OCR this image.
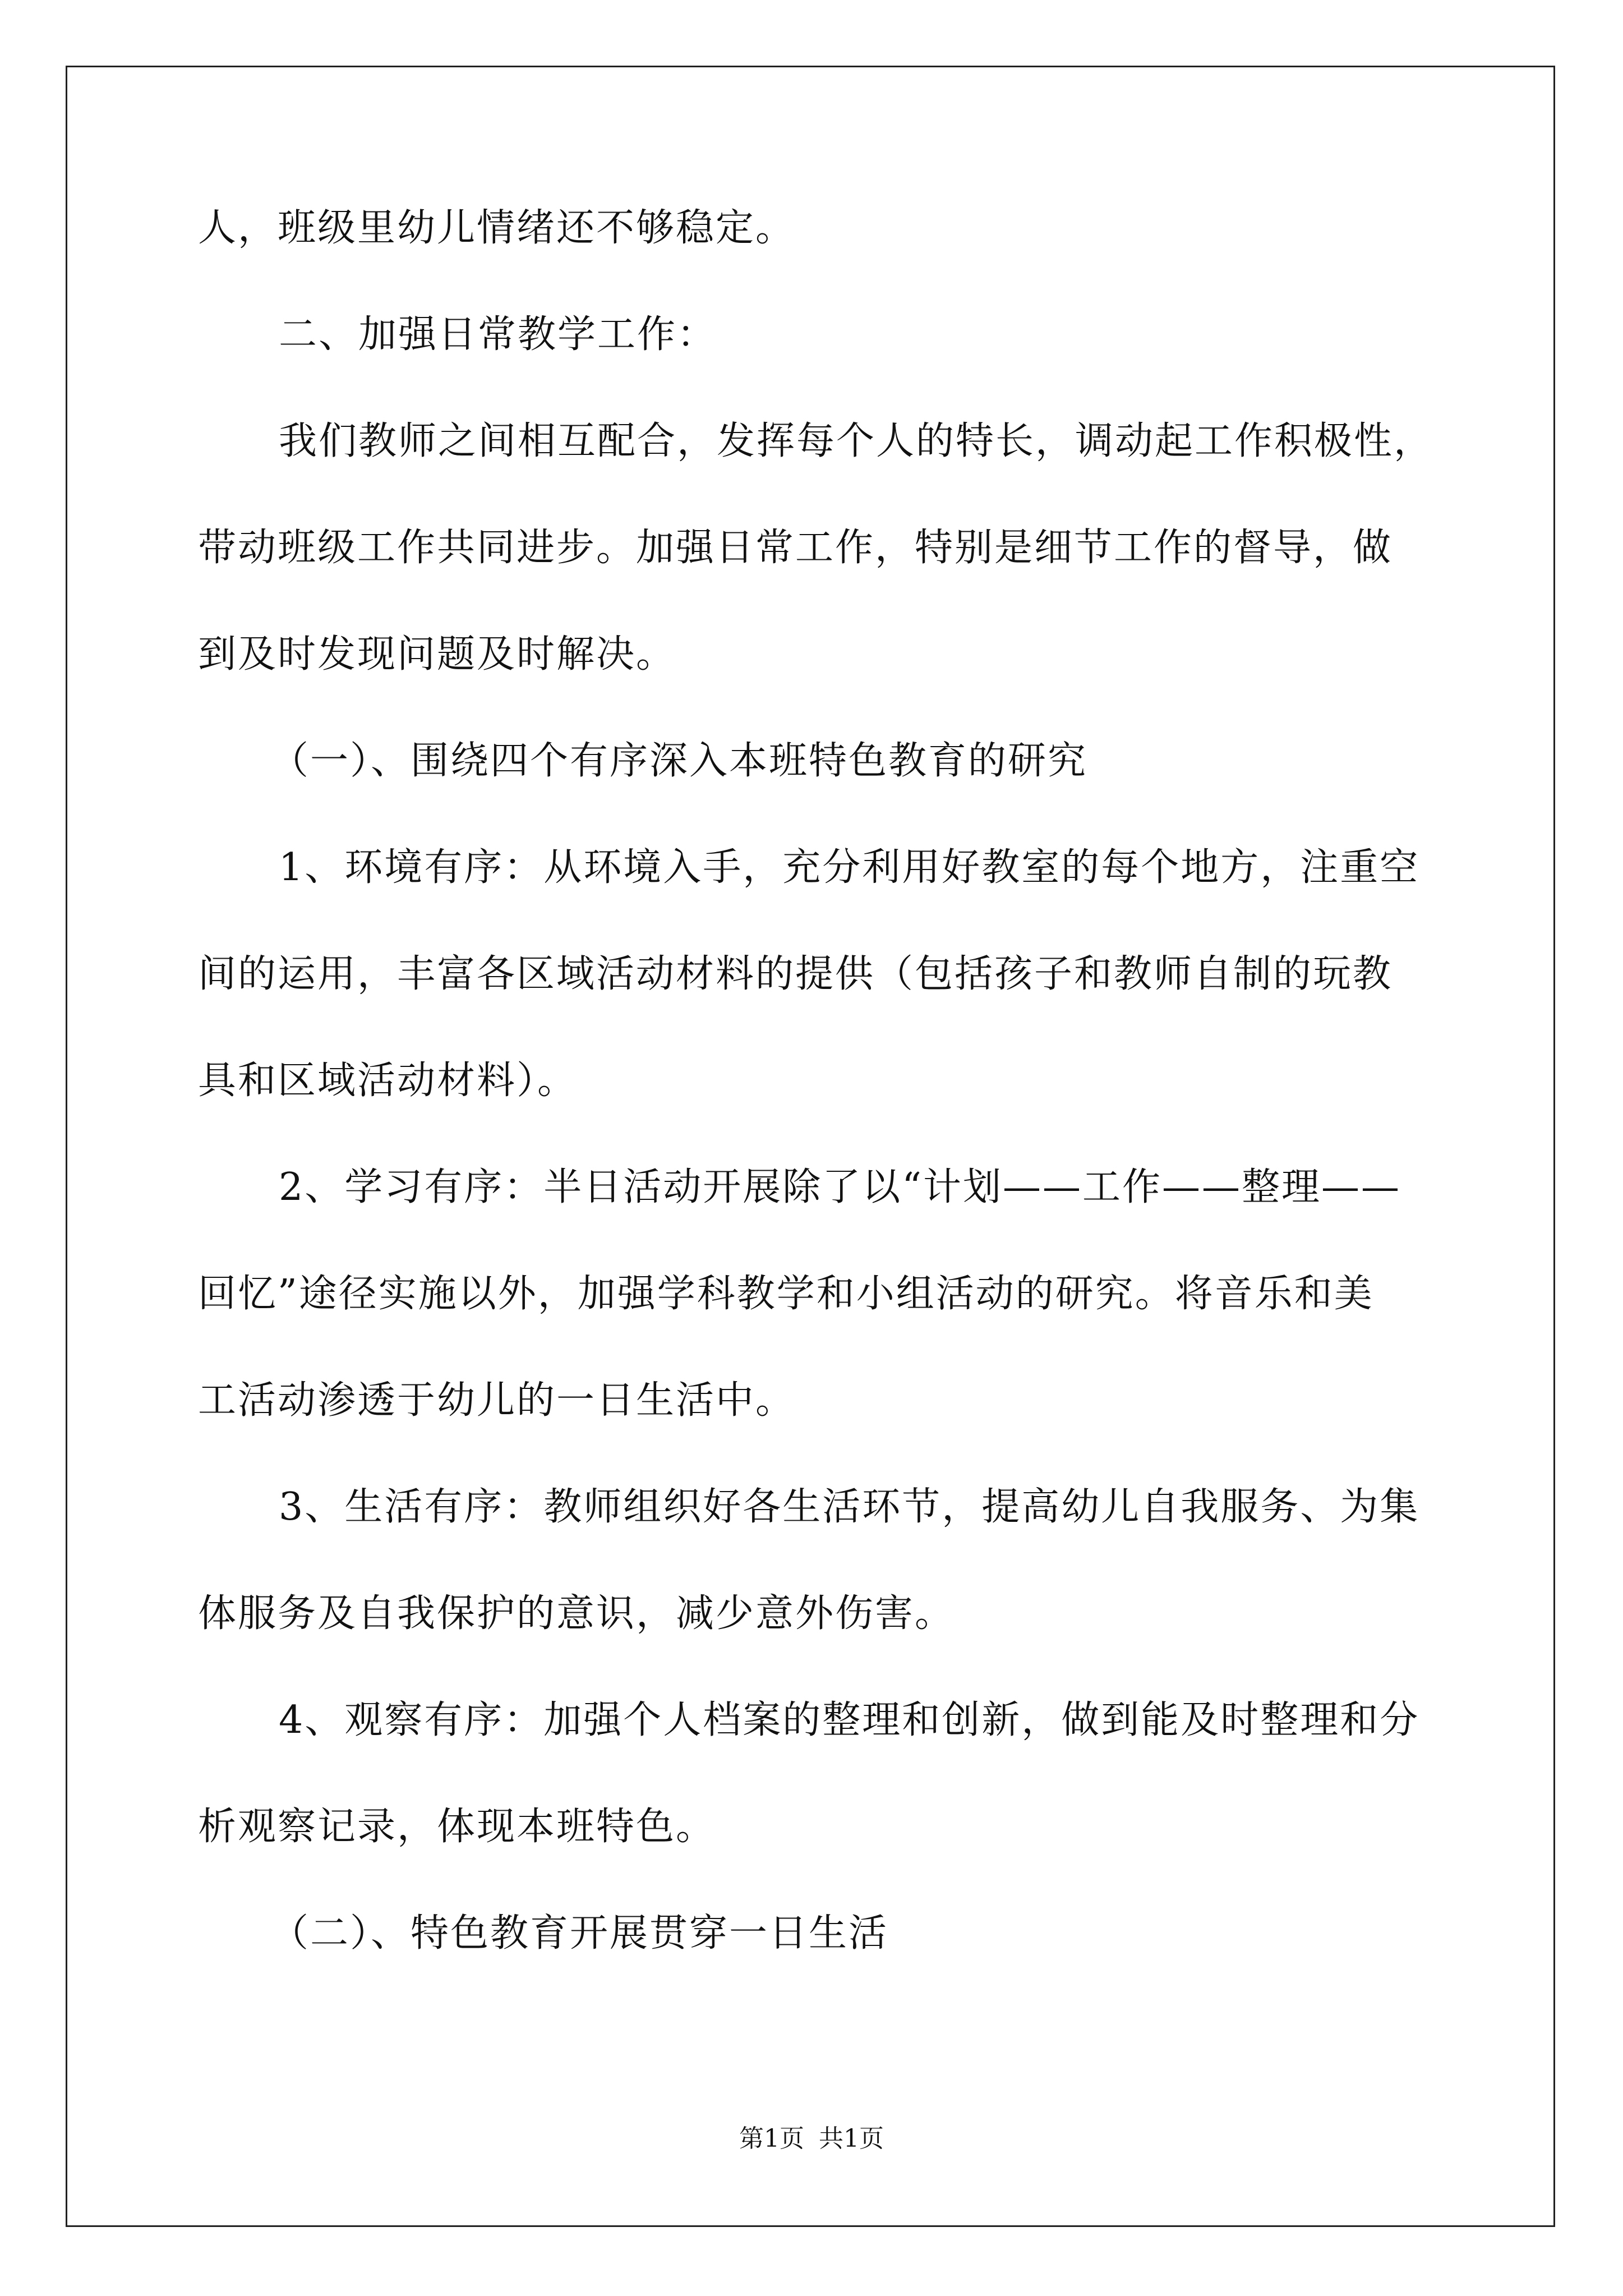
人，班级里幼儿情绪还不够稳定。

二、加强日常教学工作：

我们教师之间相互配合，发挥每个人的特长，调动起工作积极性，

带动班级工作共同进步。加强日常工作，特别是细节工作的督导，做

到及时发现问题及时解决。

（一）、围绕四个有序深入本班特色教育的研究

1、环境有序：从环境入手，充分利用好教室的每个地方，注重空

间的运用，丰富各区域活动材料的提供（包括孩子和教师自制的玩教

具和区域活动材料）。

2、学习有序：半日活动开展除了以“计划——工作——整理——

回忆”途径实施以外，加强学科教学和小组活动的研究。将音乐和美

工活动渗透于幼儿的一日生活中。

3、生活有序：教师组织好各生活环节，提高幼儿自我服务、为集

体服务及自我保护的意识，减少意外伤害。

4、观察有序：加强个人档案的整理和创新，做到能及时整理和分

析观察记录，体现本班特色。

（二）、特色教育开展贯穿一日生活

第1页 共1页
